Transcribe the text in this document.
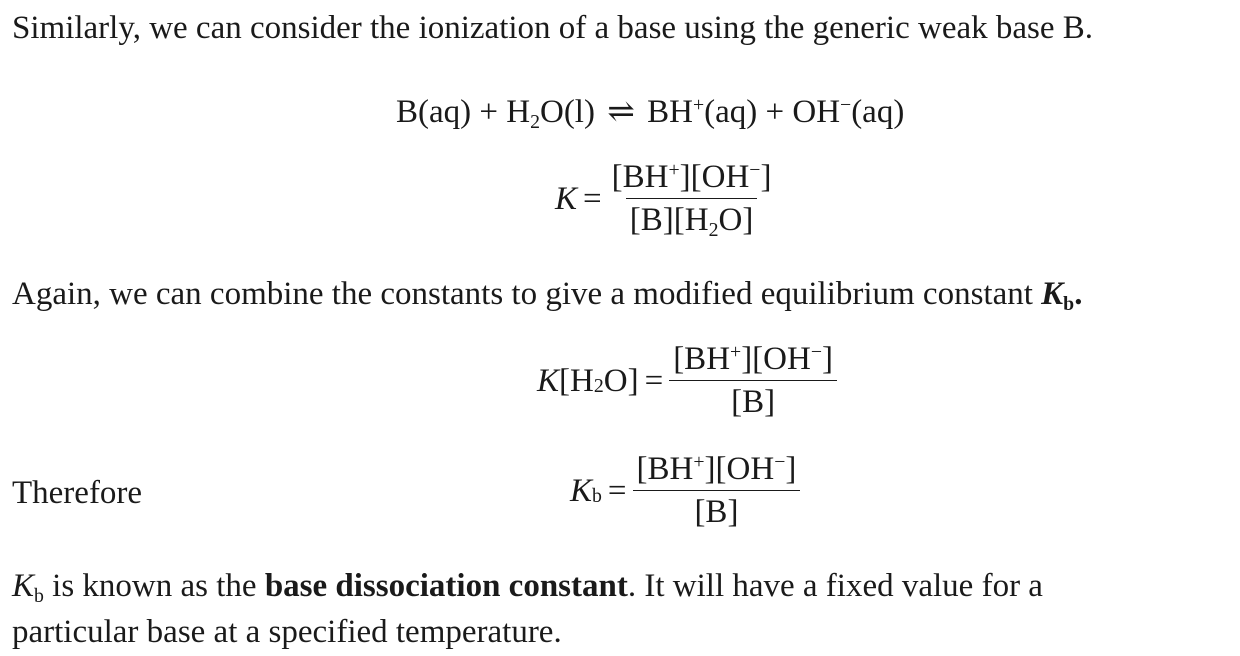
Similarly, we can consider the ionization of a base using the generic weak base B.
$B(aq) + H_2O(l)$ ⇌ BH+(aq) + OH−(aq)
$K = \frac{[BH^+][OH^-]}{[B][H_2O]}$
Again, we can combine the constants to give a modified equilibrium constant $K_b$.
K [$H_2$ $O] = \frac{[BH^+][OH^-]}{[B]}$
Therefore	$K_b = \frac{[BH^+][OH^-]}{[B]}$
$K_b$ is known as the base dissociation constant. It will have a fixed value for a
particular base at a specified temperature.
